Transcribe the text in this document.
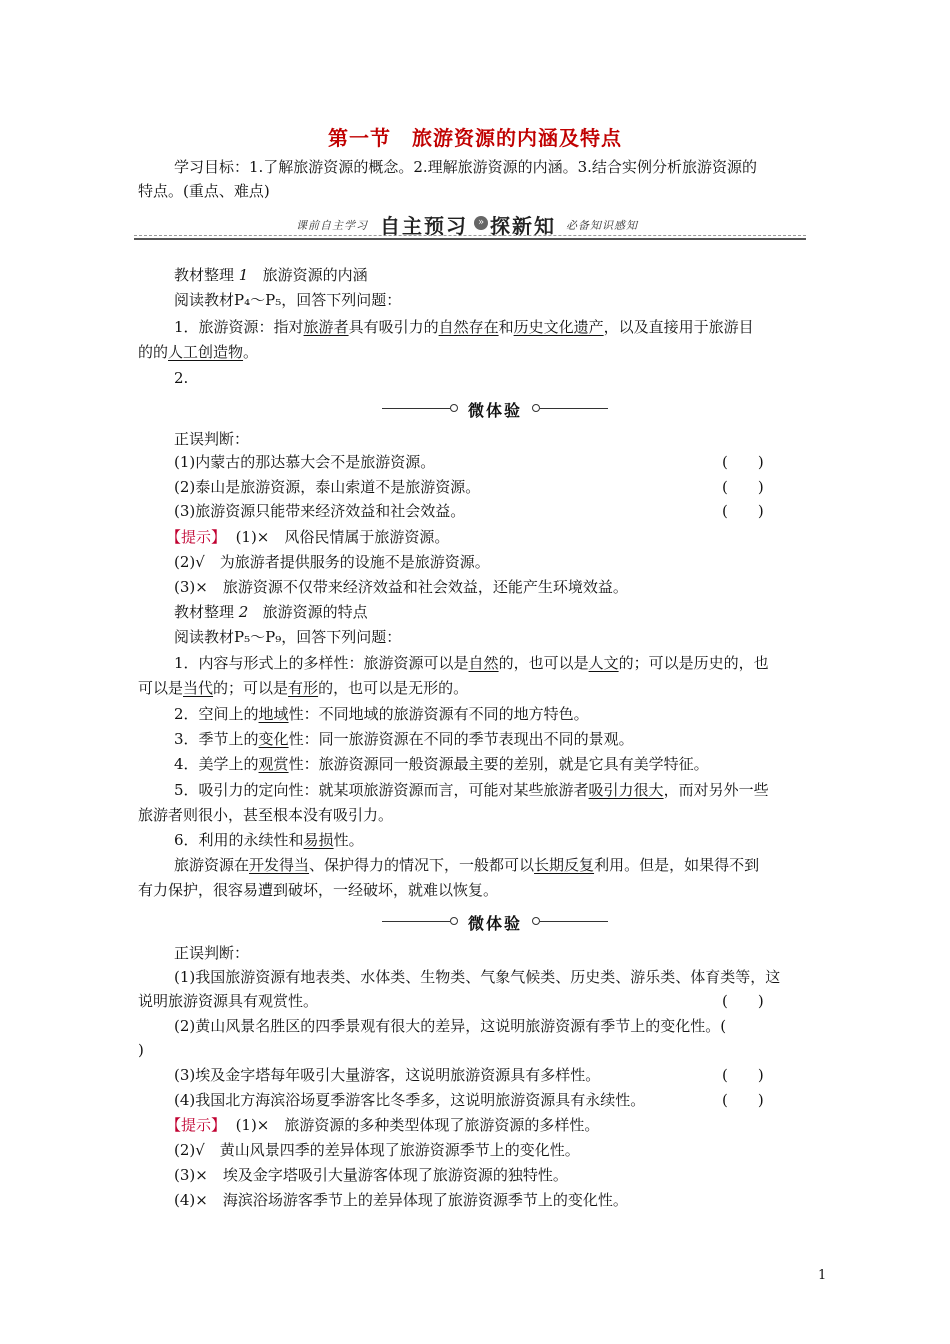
第一节　旅游资源的内涵及特点
学习目标：1.了解旅游资源的概念。2.理解旅游资源的内涵。3.结合实例分析旅游资源的
特点。(重点、难点)
课前自主学习 自主预习 » 探新知 必备知识感知
教材整理 1 旅游资源的内涵
阅读教材P₄～P₅，回答下列问题：
1．旅游资源：指对旅游者具有吸引力的自然存在和历史文化遗产，以及直接用于旅游目
的的人工创造物。
2.
微体验
正误判断：
(1)内蒙古的那达慕大会不是旅游资源。	(　　)
(2)泰山是旅游资源，泰山索道不是旅游资源。	(　　)
(3)旅游资源只能带来经济效益和社会效益。	(　　)
【提示】 (1)×　风俗民情属于旅游资源。
(2)√　为旅游者提供服务的设施不是旅游资源。
(3)×　旅游资源不仅带来经济效益和社会效益，还能产生环境效益。
教材整理 2 旅游资源的特点
阅读教材P₅～P₉，回答下列问题：
1．内容与形式上的多样性：旅游资源可以是自然的，也可以是人文的；可以是历史的，也
可以是当代的；可以是有形的，也可以是无形的。
2．空间上的地域性：不同地域的旅游资源有不同的地方特色。
3．季节上的变化性：同一旅游资源在不同的季节表现出不同的景观。
4．美学上的观赏性：旅游资源同一般资源最主要的差别，就是它具有美学特征。
5．吸引力的定向性：就某项旅游资源而言，可能对某些旅游者吸引力很大，而对另外一些
旅游者则很小，甚至根本没有吸引力。
6．利用的永续性和易损性。
旅游资源在开发得当、保护得力的情况下，一般都可以长期反复利用。但是，如果得不到
有力保护，很容易遭到破坏，一经破坏，就难以恢复。
微体验
正误判断：
(1)我国旅游资源有地表类、水体类、生物类、气象气候类、历史类、游乐类、体育类等，这
说明旅游资源具有观赏性。	(　　)
(2)黄山风景名胜区的四季景观有很大的差异，这说明旅游资源有季节上的变化性。(
)
(3)埃及金字塔每年吸引大量游客，这说明旅游资源具有多样性。	(　　)
(4)我国北方海滨浴场夏季游客比冬季多，这说明旅游资源具有永续性。	(　　)
【提示】 (1)×　旅游资源的多种类型体现了旅游资源的多样性。
(2)√　黄山风景四季的差异体现了旅游资源季节上的变化性。
(3)×　埃及金字塔吸引大量游客体现了旅游资源的独特性。
(4)×　海滨浴场游客季节上的差异体现了旅游资源季节上的变化性。
1
